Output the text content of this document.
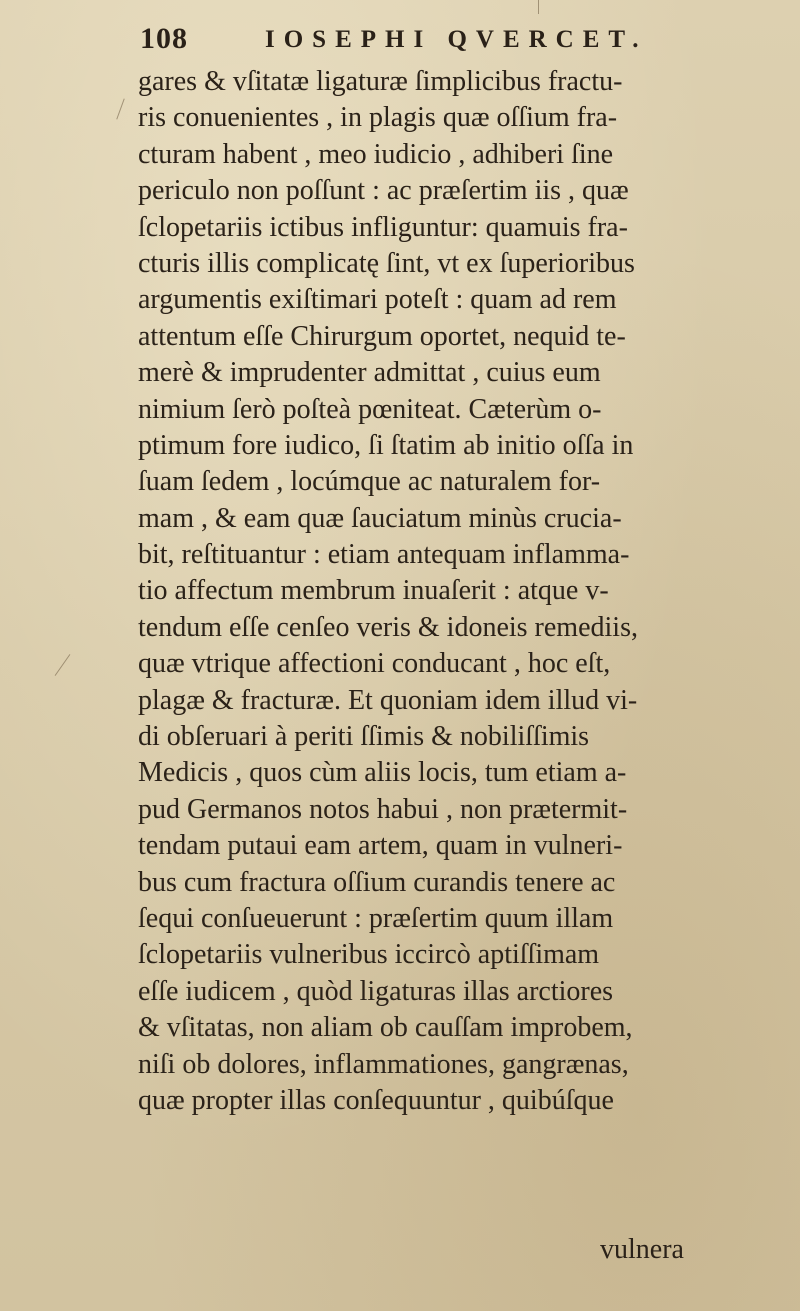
108	IOSEPHI QVERCET.
gares & vſitatæ ligaturæ ſimplicibus fractu-
ris conuenientes , in plagis quæ oſſium fra-
cturam habent , meo iudicio , adhiberi ſine
periculo non poſſunt : ac præſertim iis , quæ
ſclopetariis ictibus infliguntur: quamuis fra-
cturis illis complicatę ſint, vt ex ſuperioribus
argumentis exiſtimari poteſt : quam ad rem
attentum eſſe Chirurgum oportet, nequid te-
merè & imprudenter admittat , cuius eum
nimium ſerò poſteà pœniteat. Cæterùm o-
ptimum fore iudico, ſi ſtatim ab initio oſſa in
ſuam ſedem , locúmque ac naturalem for-
mam , & eam quæ ſauciatum minùs crucia-
bit, reſtituantur : etiam antequam inflamma-
tio affectum membrum inuaſerit : atque v-
tendum eſſe cenſeo veris & idoneis remediis,
quæ vtrique affectioni conducant , hoc eſt,
plagæ & fracturæ. Et quoniam idem illud vi-
di obſeruari à periti ſſimis & nobiliſſimis
Medicis , quos cùm aliis locis, tum etiam a-
pud Germanos notos habui , non prætermit-
tendam putaui eam artem, quam in vulneri-
bus cum fractura oſſium curandis tenere ac
ſequi conſueuerunt : præſertim quum illam
ſclopetariis vulneribus iccircò aptiſſimam
eſſe iudicem , quòd ligaturas illas arctiores
& vſitatas, non aliam ob cauſſam improbem,
niſi ob dolores, inflammationes, gangrænas,
quæ propter illas conſequuntur , quibúſque
vulnera
